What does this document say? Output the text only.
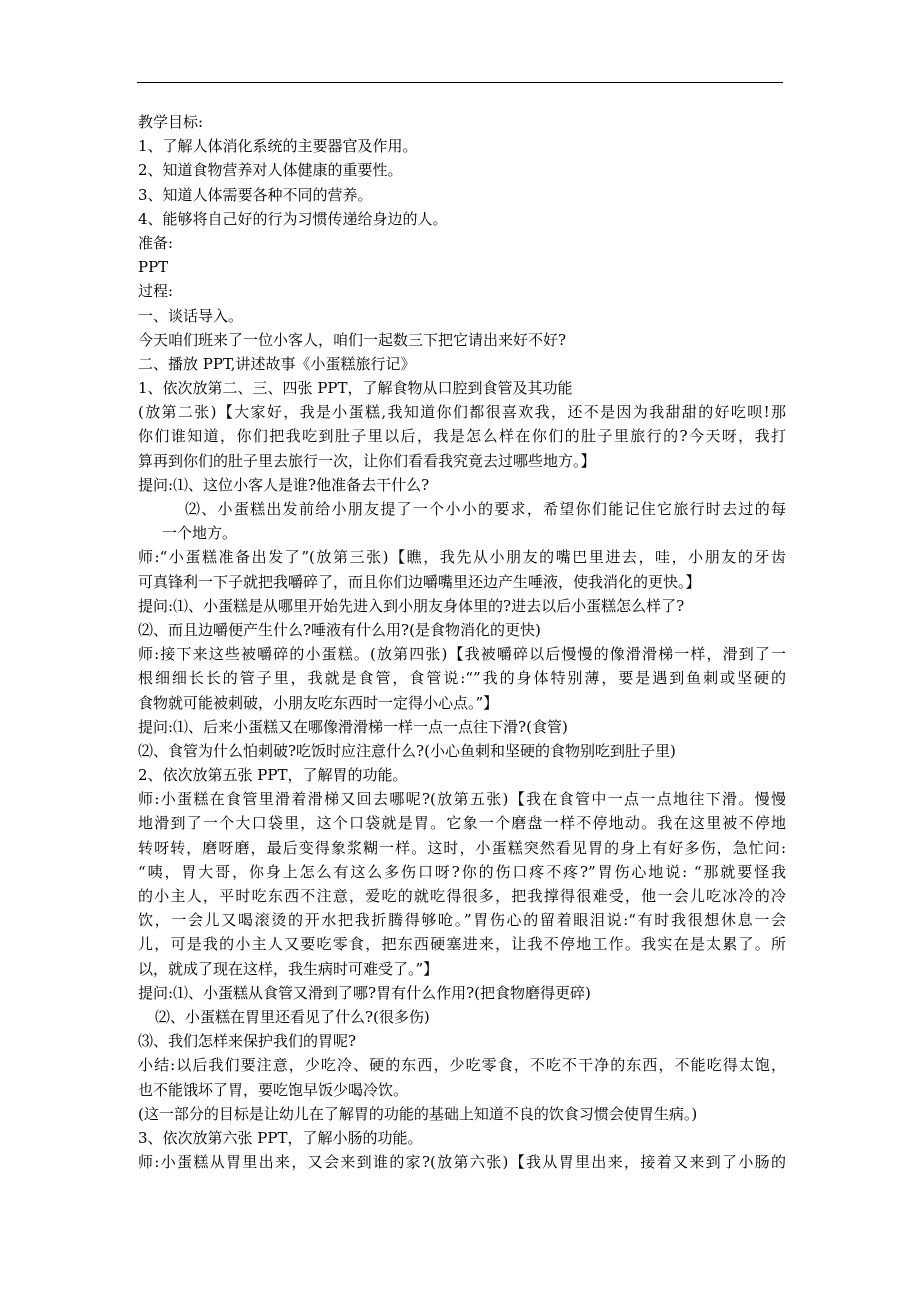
教学目标:
1、了解人体消化系统的主要器官及作用。
2、知道食物营养对人体健康的重要性。
3、知道人体需要各种不同的营养。
4、能够将自己好的行为习惯传递给身边的人。
准备:
PPT
过程:
一、谈话导入。
今天咱们班来了一位小客人，咱们一起数三下把它请出来好不好?
二、播放 PPT,讲述故事《小蛋糕旅行记》
1、依次放第二、三、四张 PPT，了解食物从口腔到食管及其功能
(放第二张)【大家好，我是小蛋糕,我知道你们都很喜欢我，还不是因为我甜甜的好吃呗!那
你们谁知道，你们把我吃到肚子里以后，我是怎么样在你们的肚子里旅行的?今天呀，我打
算再到你们的肚子里去旅行一次，让你们看看我究竟去过哪些地方。】
提问:⑴、这位小客人是谁?他准备去干什么?
⑵、小蛋糕出发前给小朋友提了一个小小的要求，希望你们能记住它旅行时去过的每
一个地方。
师:“小蛋糕准备出发了”(放第三张)【瞧，我先从小朋友的嘴巴里进去，哇，小朋友的牙齿
可真锋利一下子就把我嚼碎了，而且你们边嚼嘴里还边产生唾液，使我消化的更快。】
提问:⑴、小蛋糕是从哪里开始先进入到小朋友身体里的?进去以后小蛋糕怎么样了?
⑵、而且边嚼便产生什么?唾液有什么用?(是食物消化的更快)
师:接下来这些被嚼碎的小蛋糕。(放第四张)【我被嚼碎以后慢慢的像滑滑梯一样，滑到了一
根细细长长的管子里，我就是食管，食管说:“”我的身体特别薄，要是遇到鱼刺或坚硬的
食物就可能被刺破，小朋友吃东西时一定得小心点。”】
提问:⑴、后来小蛋糕又在哪像滑滑梯一样一点一点往下滑?(食管)
⑵、食管为什么怕刺破?吃饭时应注意什么?(小心鱼刺和坚硬的食物别吃到肚子里)
2、依次放第五张 PPT，了解胃的功能。
师:小蛋糕在食管里滑着滑梯又回去哪呢?(放第五张)【我在食管中一点一点地往下滑。慢慢
地滑到了一个大口袋里，这个口袋就是胃。它象一个磨盘一样不停地动。我在这里被不停地
转呀转，磨呀磨，最后变得象浆糊一样。这时，小蛋糕突然看见胃的身上有好多伤，急忙问:
“咦，胃大哥，你身上怎么有这么多伤口呀?你的伤口疼不疼?”胃伤心地说: “那就要怪我
的小主人，平时吃东西不注意，爱吃的就吃得很多，把我撑得很难受，他一会儿吃冰冷的冷
饮，一会儿又喝滚烫的开水把我折腾得够呛。”胃伤心的留着眼泪说:“有时我很想休息一会
儿，可是我的小主人又要吃零食，把东西硬塞进来，让我不停地工作。我实在是太累了。所
以，就成了现在这样，我生病时可难受了。”】
提问:⑴、小蛋糕从食管又滑到了哪?胃有什么作用?(把食物磨得更碎)
⑵、小蛋糕在胃里还看见了什么?(很多伤)
⑶、我们怎样来保护我们的胃呢?
小结:以后我们要注意，少吃冷、硬的东西，少吃零食，不吃不干净的东西，不能吃得太饱，
也不能饿坏了胃，要吃饱早饭少喝冷饮。
(这一部分的目标是让幼儿在了解胃的功能的基础上知道不良的饮食习惯会使胃生病。)
3、依次放第六张 PPT，了解小肠的功能。
师:小蛋糕从胃里出来，又会来到谁的家?(放第六张)【我从胃里出来，接着又来到了小肠的
